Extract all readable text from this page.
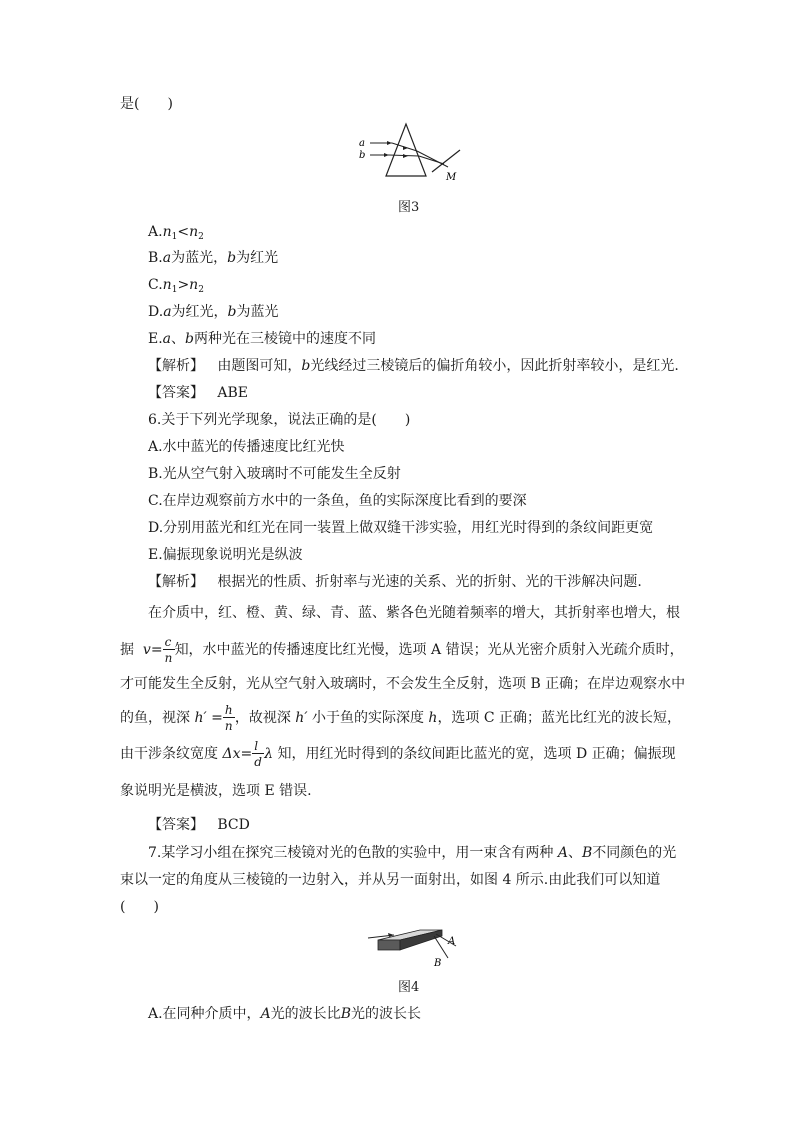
是(　　)
a
b
M
图3
$A.n_1<n_2$
B.a为蓝光，b为红光
$C.n_1>n_2$
D.a为红光，b为蓝光
E.a、b两种光在三棱镜中的速度不同
【解析】 由题图可知，b光线经过三棱镜后的偏折角较小，因此折射率较小，是红光.
【答案】 ABE
6.关于下列光学现象，说法正确的是(　　)
A.水中蓝光的传播速度比红光快
B.光从空气射入玻璃时不可能发生全反射
C.在岸边观察前方水中的一条鱼，鱼的实际深度比看到的要深
D.分别用蓝光和红光在同一装置上做双缝干涉实验，用红光时得到的条纹间距更宽
E.偏振现象说明光是纵波
【解析】 根据光的性质、折射率与光速的关系、光的折射、光的干涉解决问题.
在介质中，红、橙、黄、绿、青、蓝、紫各色光随着频率的增大，其折射率也增大，根
据 $v= \frac{c}{n}$ 知，水中蓝光的传播速度比红光慢，选项 A 错误；光从光密介质射入光疏介质时，
才可能发生全反射，光从空气射入玻璃时，不会发生全反射，选项 B 正确；在岸边观察水中
的鱼，视深 $h' = \frac{h}{n}$ ，故视深 h′ 小于鱼的实际深度 h，选项 C 正确；蓝光比红光的波长短，
由干涉条纹宽度 $\Delta x= \frac{l}{d}$ λ 知，用红光时得到的条纹间距比蓝光的宽，选项 D 正确；偏振现
象说明光是横波，选项 E 错误.
【答案】 BCD
7.某学习小组在探究三棱镜对光的色散的实验中，用一束含有两种 A、B不同颜色的光
束以一定的角度从三棱镜的一边射入，并从另一面射出，如图 4 所示.由此我们可以知道
(　　)
A
B
图4
A.在同种介质中，A光的波长比B光的波长长
